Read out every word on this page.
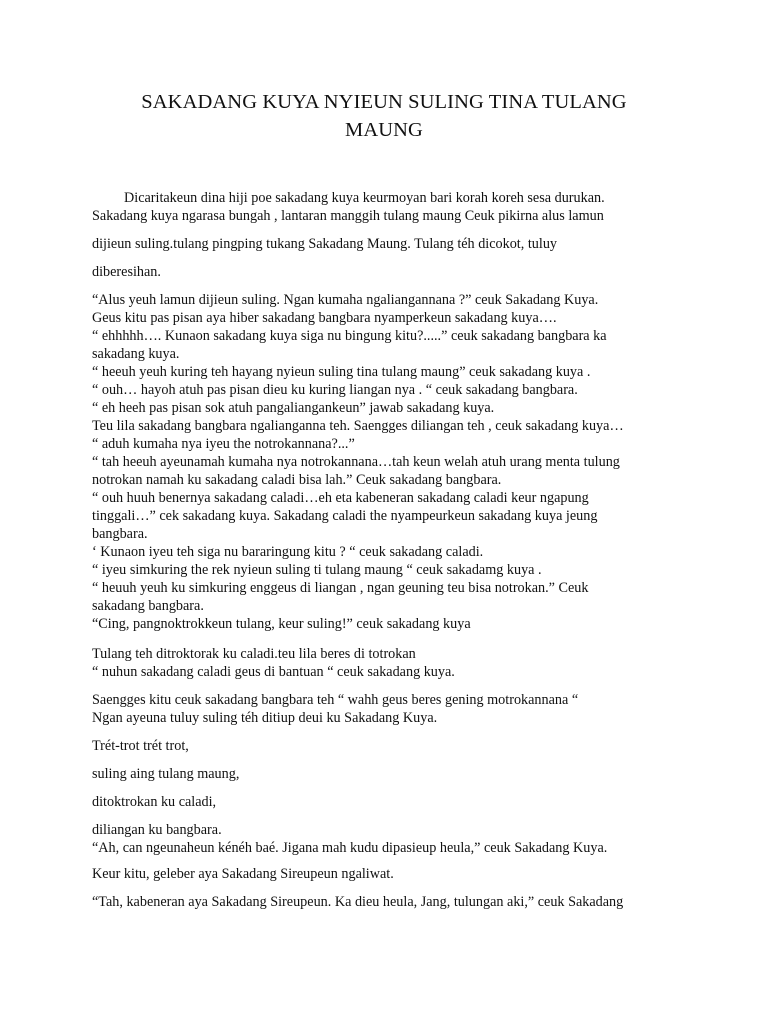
SAKADANG KUYA NYIEUN SULING TINA TULANG
MAUNG
Dicaritakeun dina hiji poe sakadang kuya keurmoyan bari korah koreh sesa durukan.
Sakadang kuya ngarasa bungah , lantaran manggih tulang maung Ceuk pikirna alus lamun
dijieun suling.tulang pingping tukang Sakadang Maung. Tulang téh dicokot, tuluy
diberesihan.
“Alus yeuh lamun dijieun suling. Ngan kumaha ngaliangannana ?” ceuk Sakadang Kuya.
Geus kitu pas pisan aya hiber sakadang bangbara nyamperkeun sakadang kuya….
“ ehhhhh…. Kunaon sakadang kuya siga nu bingung kitu?.....” ceuk sakadang bangbara ka
sakadang kuya.
“ heeuh yeuh kuring teh hayang nyieun suling tina tulang maung” ceuk sakadang kuya .
“ ouh… hayoh atuh pas pisan dieu ku kuring liangan nya . “ ceuk sakadang bangbara.
“ eh heeh pas pisan sok atuh pangaliangankeun” jawab sakadang kuya.
Teu lila sakadang bangbara ngalianganna teh. Saengges diliangan teh , ceuk sakadang kuya…
“ aduh kumaha nya iyeu the notrokannana?...”
“ tah heeuh ayeunamah kumaha nya notrokannana…tah keun welah atuh urang menta tulung
notrokan namah ku sakadang caladi bisa lah.” Ceuk sakadang bangbara.
“ ouh huuh benernya sakadang caladi…eh eta kabeneran sakadang caladi keur ngapung
tinggali…” cek sakadang kuya. Sakadang caladi the nyampeurkeun sakadang kuya jeung
bangbara.
‘ Kunaon iyeu teh siga nu bararingung kitu ? “ ceuk sakadang caladi.
“ iyeu simkuring the rek nyieun suling ti tulang maung “ ceuk sakadamg kuya .
“ heuuh yeuh ku simkuring enggeus di liangan , ngan geuning teu bisa notrokan.” Ceuk
sakadang bangbara.
“Cing, pangnoktrokkeun tulang, keur suling!” ceuk sakadang kuya
Tulang teh ditroktorak ku caladi.teu lila beres di totrokan
“ nuhun sakadang caladi geus di bantuan “ ceuk sakadang kuya.
Saengges kitu ceuk sakadang bangbara teh “ wahh geus beres gening motrokannana “
Ngan ayeuna tuluy suling téh ditiup deui ku Sakadang Kuya.
Trét-trot trét trot,
suling aing tulang maung,
ditoktrokan ku caladi,
diliangan ku bangbara.
“Ah, can ngeunaheun kénéh baé. Jigana mah kudu dipasieup heula,” ceuk Sakadang Kuya.
Keur kitu, geleber aya Sakadang Sireupeun ngaliwat.
“Tah, kabeneran aya Sakadang Sireupeun. Ka dieu heula, Jang, tulungan aki,” ceuk Sakadang
